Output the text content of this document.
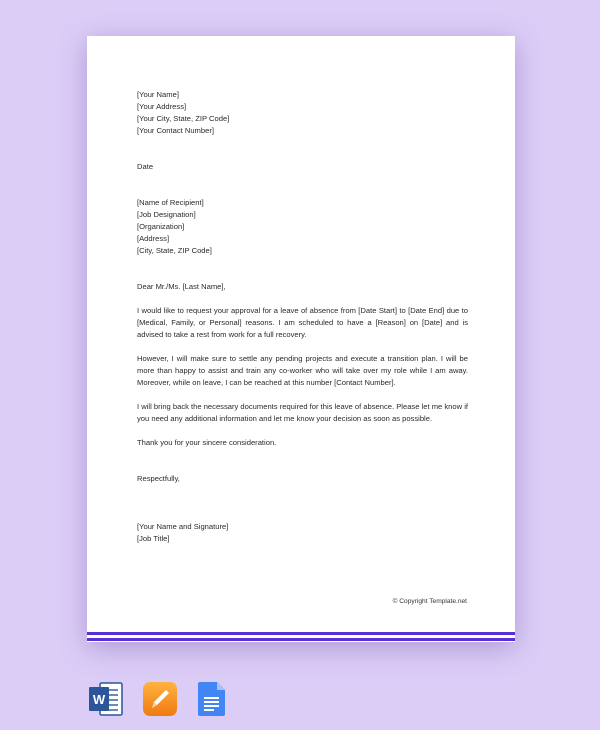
[Your Name]
[Your Address]
[Your City, State, ZIP Code]
[Your Contact Number]
Date
[Name of Recipient]
[Job Designation]
[Organization]
[Address]
[City, State, ZIP Code]
Dear Mr./Ms. [Last Name],

I would like to request your approval for a leave of absence from [Date Start] to [Date End] due to [Medical, Family, or Personal] reasons. I am scheduled to have a [Reason] on [Date] and is advised to take a rest from work for a full recovery.

However, I will make sure to settle any pending projects and execute a transition plan. I will be more than happy to assist and train any co-worker who will take over my role while I am away. Moreover, while on leave, I can be reached at this number [Contact Number].

I will bring back the necessary documents required for this leave of absence. Please let me know if you need any additional information and let me know your decision as soon as possible.

Thank you for your sincere consideration.
Respectfully,
[Your Name and Signature]
[Job Title]
© Copyright Template.net
W
